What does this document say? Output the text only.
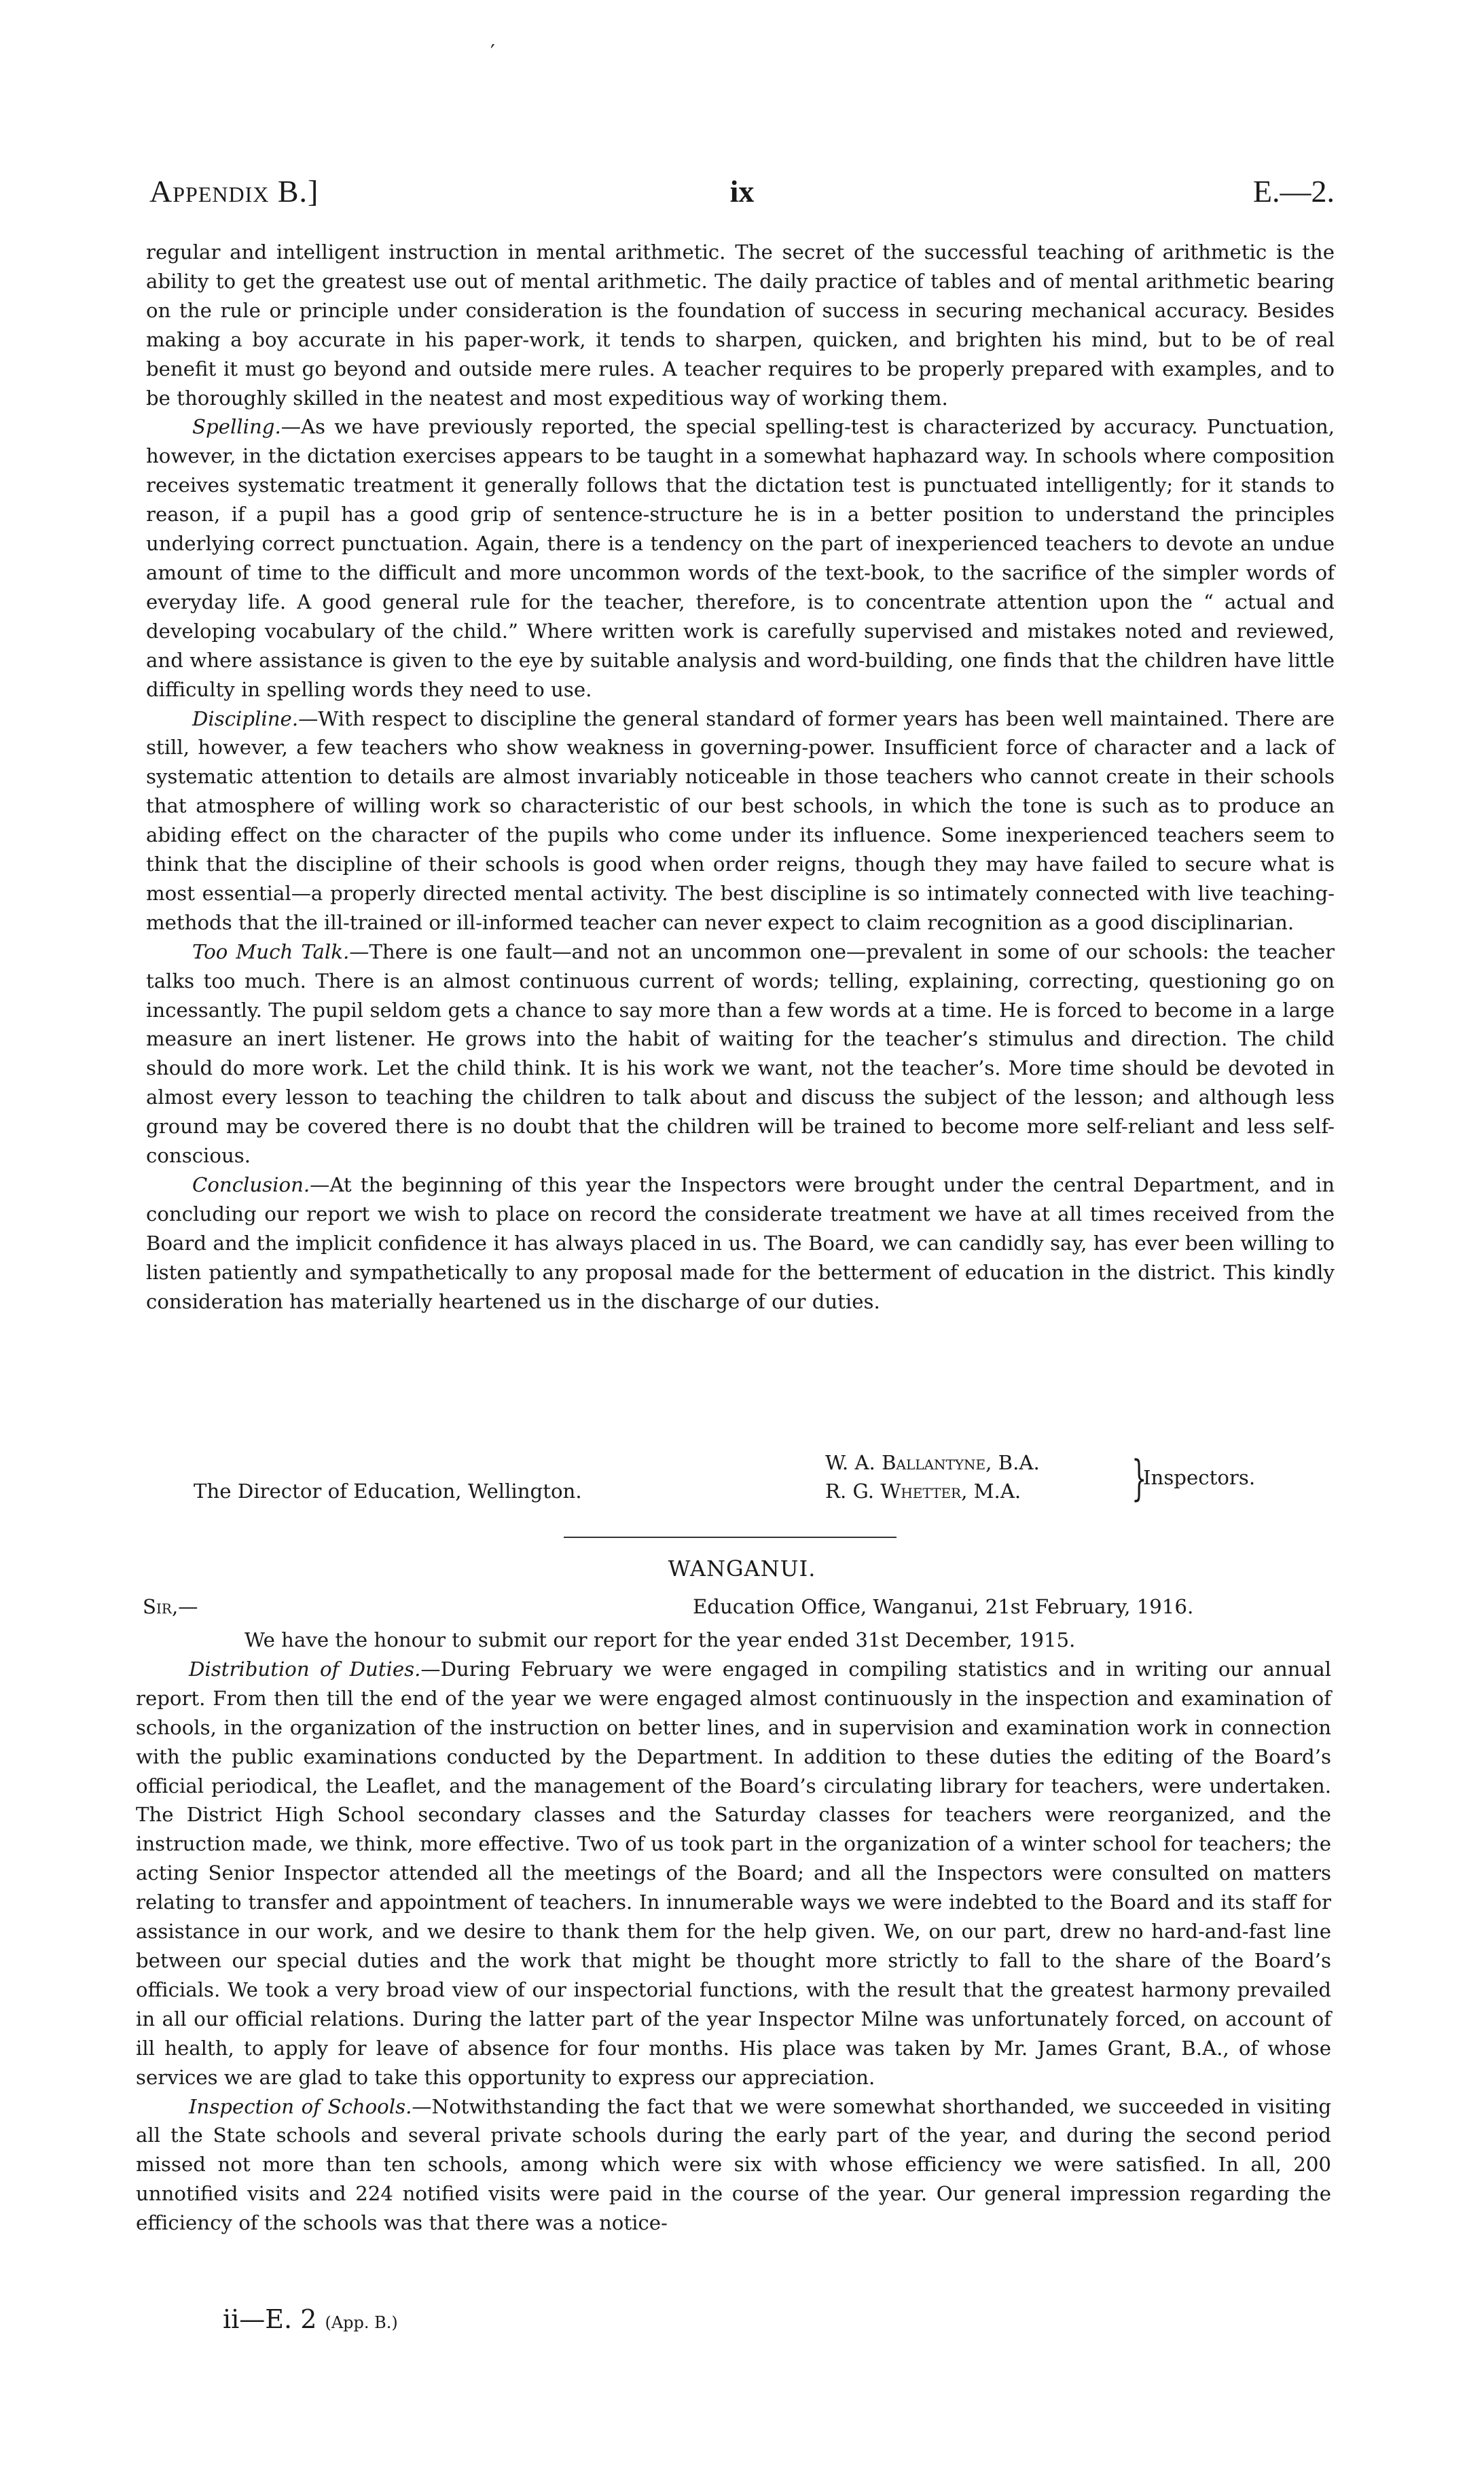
′
Appendix B.]	ix	E.—2.

regular and intelligent instruction in mental arithmetic. The secret of the successful teaching of arithmetic is the ability to get the greatest use out of mental arithmetic. The daily practice of tables and of mental arithmetic bearing on the rule or principle under consideration is the foundation of success in securing mechanical accuracy. Besides making a boy accurate in his paper-work, it tends to sharpen, quicken, and brighten his mind, but to be of real benefit it must go beyond and outside mere rules. A teacher requires to be properly prepared with examples, and to be thoroughly skilled in the neatest and most expeditious way of working them.

Spelling.—As we have previously reported, the special spelling-test is characterized by accuracy. Punctuation, however, in the dictation exercises appears to be taught in a somewhat haphazard way. In schools where composition receives systematic treatment it generally follows that the dictation test is punctuated intelligently; for it stands to reason, if a pupil has a good grip of sentence-structure he is in a better position to understand the principles underlying correct punctuation. Again, there is a tendency on the part of inexperienced teachers to devote an undue amount of time to the difficult and more uncommon words of the text-book, to the sacrifice of the simpler words of everyday life. A good general rule for the teacher, therefore, is to concentrate attention upon the “ actual and developing vocabulary of the child.” Where written work is carefully supervised and mistakes noted and reviewed, and where assistance is given to the eye by suitable analysis and word-building, one finds that the children have little difficulty in spelling words they need to use.

Discipline.—With respect to discipline the general standard of former years has been well maintained. There are still, however, a few teachers who show weakness in governing-power. Insufficient force of character and a lack of systematic attention to details are almost invariably noticeable in those teachers who cannot create in their schools that atmosphere of willing work so characteristic of our best schools, in which the tone is such as to produce an abiding effect on the character of the pupils who come under its influence. Some inexperienced teachers seem to think that the discipline of their schools is good when order reigns, though they may have failed to secure what is most essential—a properly directed mental activity. The best discipline is so intimately connected with live teaching-methods that the ill-trained or ill-informed teacher can never expect to claim recognition as a good disciplinarian.

Too Much Talk.—There is one fault—and not an uncommon one—prevalent in some of our schools: the teacher talks too much. There is an almost continuous current of words; telling, explaining, correcting, questioning go on incessantly. The pupil seldom gets a chance to say more than a few words at a time. He is forced to become in a large measure an inert listener. He grows into the habit of waiting for the teacher’s stimulus and direction. The child should do more work. Let the child think. It is his work we want, not the teacher’s. More time should be devoted in almost every lesson to teaching the children to talk about and discuss the subject of the lesson; and although less ground may be covered there is no doubt that the children will be trained to become more self-reliant and less self-conscious.

Conclusion.—At the beginning of this year the Inspectors were brought under the central Department, and in concluding our report we wish to place on record the considerate treatment we have at all times received from the Board and the implicit confidence it has always placed in us. The Board, we can candidly say, has ever been willing to listen patiently and sympathetically to any proposal made for the betterment of education in the district. This kindly consideration has materially heartened us in the discharge of our duties.

The Director of Education, Wellington.
W. A. Ballantyne, B.A.
R. G. Whetter, M.A.	}
Inspectors.
WANGANUI.
Sir,—	Education Office, Wanganui, 21st February, 1916.

We have the honour to submit our report for the year ended 31st December, 1915.

Distribution of Duties.—During February we were engaged in compiling statistics and in writing our annual report. From then till the end of the year we were engaged almost continuously in the inspection and examination of schools, in the organization of the instruction on better lines, and in supervision and examination work in connection with the public examinations conducted by the Department. In addition to these duties the editing of the Board’s official periodical, the Leaflet, and the management of the Board’s circulating library for teachers, were undertaken. The District High School secondary classes and the Saturday classes for teachers were reorganized, and the instruction made, we think, more effective. Two of us took part in the organization of a winter school for teachers; the acting Senior Inspector attended all the meetings of the Board; and all the Inspectors were consulted on matters relating to transfer and appointment of teachers. In innumerable ways we were indebted to the Board and its staff for assistance in our work, and we desire to thank them for the help given. We, on our part, drew no hard-and-fast line between our special duties and the work that might be thought more strictly to fall to the share of the Board’s officials. We took a very broad view of our inspectorial functions, with the result that the greatest harmony prevailed in all our official relations. During the latter part of the year Inspector Milne was unfortunately forced, on account of ill health, to apply for leave of absence for four months. His place was taken by Mr. James Grant, B.A., of whose services we are glad to take this opportunity to express our appreciation.

Inspection of Schools.—Notwithstanding the fact that we were somewhat shorthanded, we succeeded in visiting all the State schools and several private schools during the early part of the year, and during the second period missed not more than ten schools, among which were six with whose efficiency we were satisfied. In all, 200 unnotified visits and 224 notified visits were paid in the course of the year. Our general impression regarding the efficiency of the schools was that there was a notice-

ii—E. 2 (App. B.)
